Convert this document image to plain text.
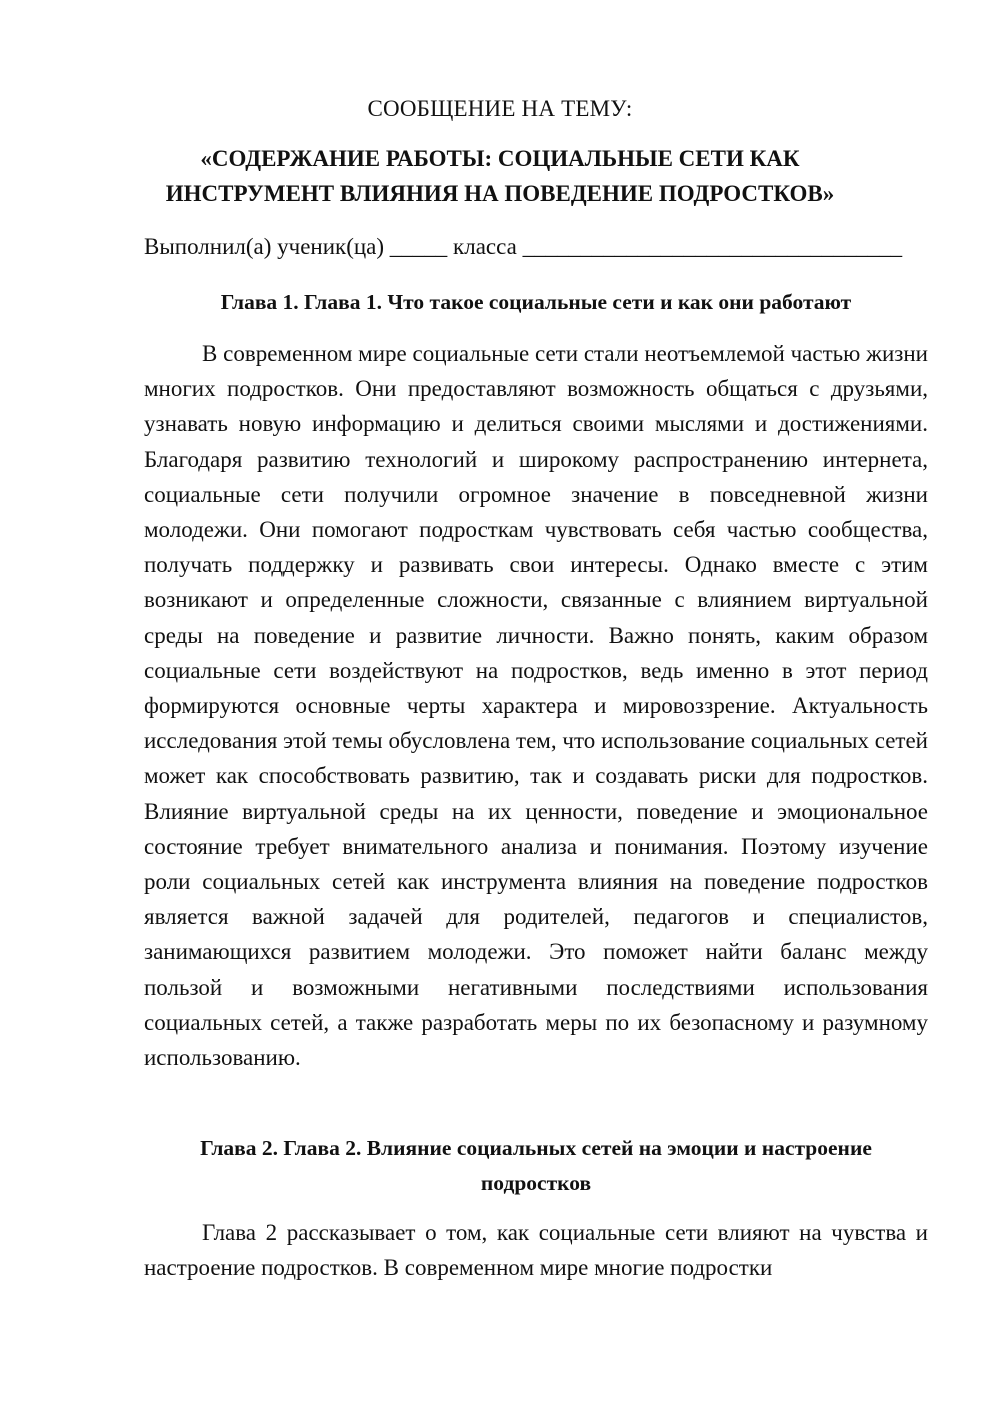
СООБЩЕНИЕ НА ТЕМУ:
«СОДЕРЖАНИЕ РАБОТЫ: СОЦИАЛЬНЫЕ СЕТИ КАК
ИНСТРУМЕНТ ВЛИЯНИЯ НА ПОВЕДЕНИЕ ПОДРОСТКОВ»
Выполнил(а) ученик(ца) _____ класса _________________________________
Глава 1. Глава 1. Что такое социальные сети и как они работают

В современном мире социальные сети стали неотъемлемой частью жизни многих подростков. Они предоставляют возможность общаться с друзьями, узнавать новую информацию и делиться своими мыслями и достижениями. Благодаря развитию технологий и широкому распространению интернета, социальные сети получили огромное значение в повседневной жизни молодежи. Они помогают подросткам чувствовать себя частью сообщества, получать поддержку и развивать свои интересы. Однако вместе с этим возникают и определенные сложности, связанные с влиянием виртуальной среды на поведение и развитие личности. Важно понять, каким образом социальные сети воздействуют на подростков, ведь именно в этот период формируются основные черты характера и мировоззрение. Актуальность исследования этой темы обусловлена тем, что использование социальных сетей может как способствовать развитию, так и создавать риски для подростков. Влияние виртуальной среды на их ценности, поведение и эмоциональное состояние требует внимательного анализа и понимания. Поэтому изучение роли социальных сетей как инструмента влияния на поведение подростков является важной задачей для родителей, педагогов и специалистов, занимающихся развитием молодежи. Это поможет найти баланс между пользой и возможными негативными последствиями использования социальных сетей, а также разработать меры по их безопасному и разумному использованию.

Глава 2. Глава 2. Влияние социальных сетей на эмоции и настроение подростков

Глава 2 рассказывает о том, как социальные сети влияют на чувства и настроение подростков. В современном мире многие подростки
